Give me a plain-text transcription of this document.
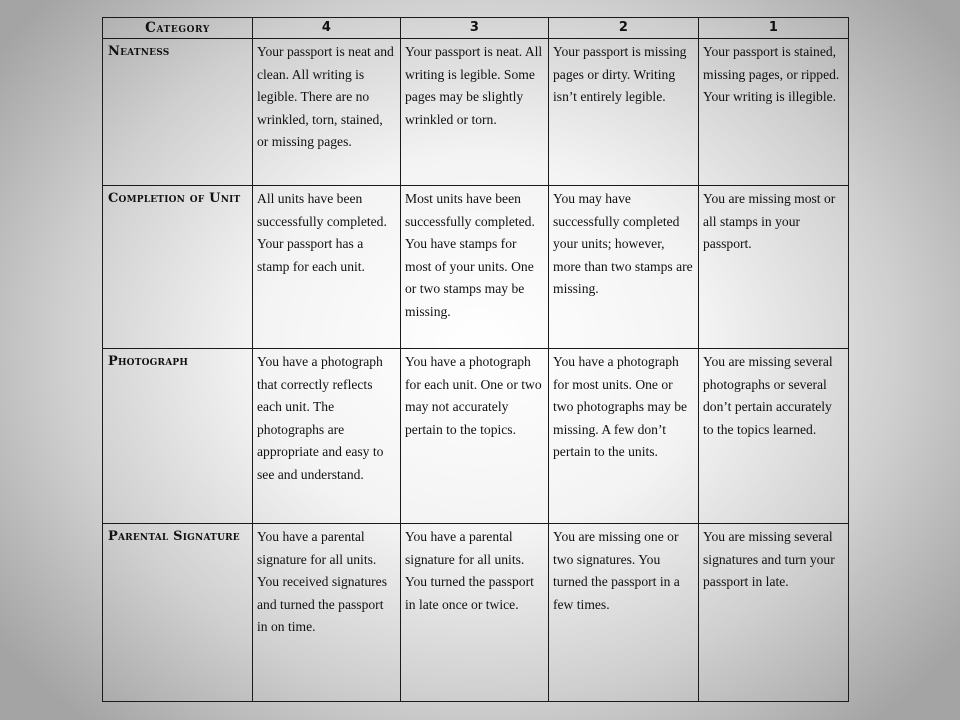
Category	4	3	2	1
Neatness	Your passport is neat and clean. All writing is legible. There are no wrinkled, torn, stained, or missing pages.	Your passport is neat. All writing is legible. Some pages may be slightly wrinkled or torn.	Your passport is missing pages or dirty. Writing isn’t entirely legible.	Your passport is stained, missing pages, or ripped. Your writing is illegible.
Completion of Unit	All units have been successfully completed. Your passport has a stamp for each unit.	Most units have been successfully completed. You have stamps for most of your units. One or two stamps may be missing.	You may have successfully completed your units; however, more than two stamps are missing.	You are missing most or all stamps in your passport.
Photograph	You have a photograph that correctly reflects each unit. The photographs are appropriate and easy to see and understand.	You have a photograph for each unit. One or two may not accurately pertain to the topics.	You have a photograph for most units. One or two photographs may be missing. A few don’t pertain to the units.	You are missing several photographs or several don’t pertain accurately to the topics learned.
Parental Signature	You have a parental signature for all units. You received signatures and turned the passport in on time.	You have a parental signature for all units. You turned the passport in late once or twice.	You are missing one or two signatures. You turned the passport in a few times.	You are missing several signatures and turn your passport in late.
